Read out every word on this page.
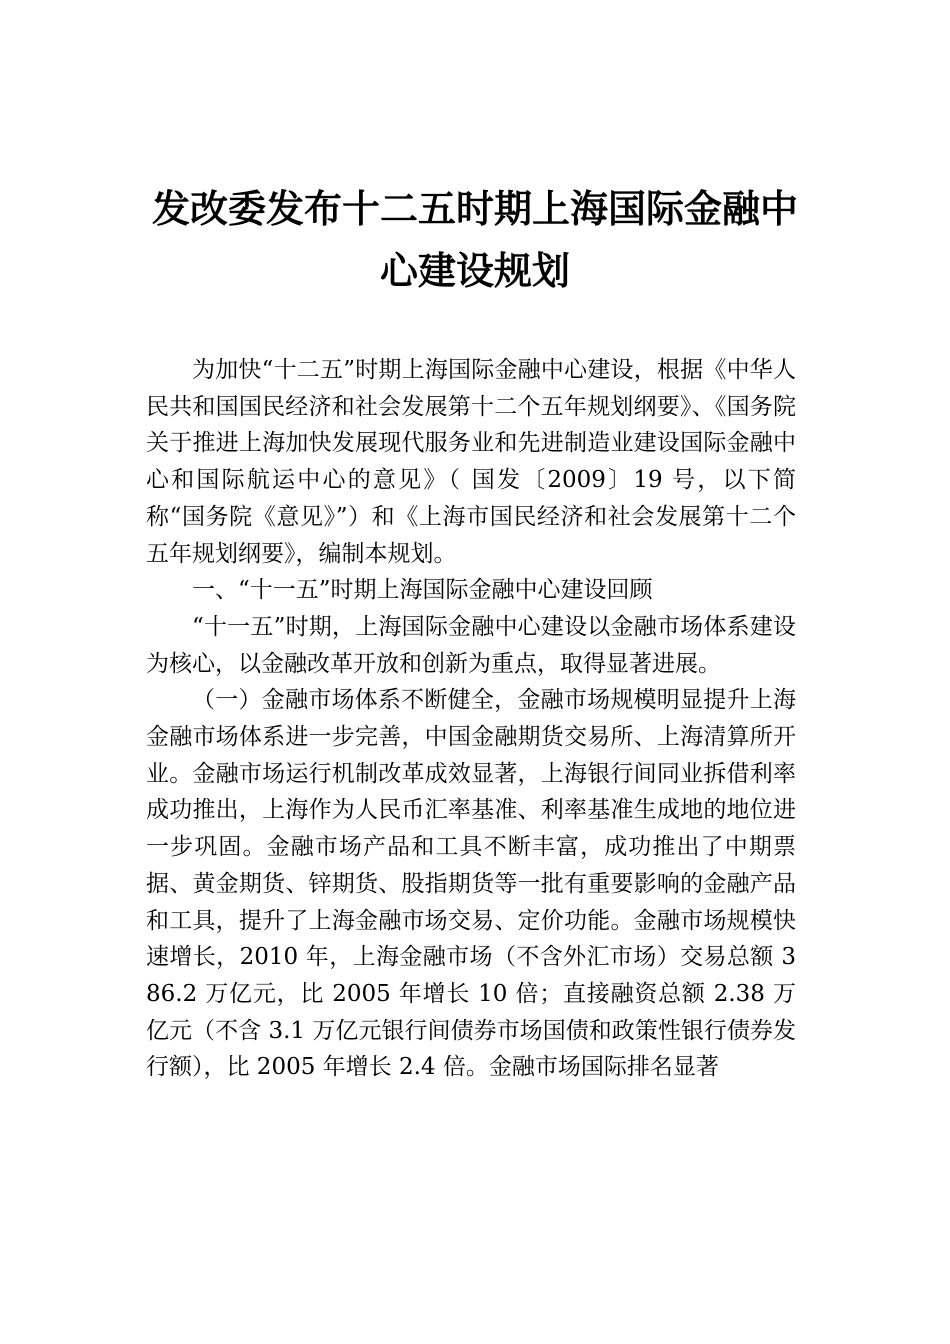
发改委发布十二五时期上海国际金融中心建设规划

为加快“十二五”时期上海国际金融中心建设，根据《中华人民共和国国民经济和社会发展第十二个五年规划纲要》、《国务院关于推进上海加快发展现代服务业和先进制造业建设国际金融中心和国际航运中心的意见》（ 国发〔2009〕19 号，以下简称“国务院《意见》”）和《上海市国民经济和社会发展第十二个五年规划纲要》，编制本规划。

一、“十一五”时期上海国际金融中心建设回顾

“十一五”时期，上海国际金融中心建设以金融市场体系建设为核心，以金融改革开放和创新为重点，取得显著进展。

（一）金融市场体系不断健全，金融市场规模明显提升上海金融市场体系进一步完善，中国金融期货交易所、上海清算所开业。金融市场运行机制改革成效显著，上海银行间同业拆借利率成功推出，上海作为人民币汇率基准、利率基准生成地的地位进一步巩固。金融市场产品和工具不断丰富，成功推出了中期票据、黄金期货、锌期货、股指期货等一批有重要影响的金融产品和工具，提升了上海金融市场交易、定价功能。金融市场规模快速增长，2010 年，上海金融市场（不含外汇市场）交易总额 386.2 万亿元，比 2005 年增长 10 倍；直接融资总额 2.38 万亿元（不含 3.1 万亿元银行间债券市场国债和政策性银行债券发行额），比 2005 年增长 2.4 倍。金融市场国际排名显著
